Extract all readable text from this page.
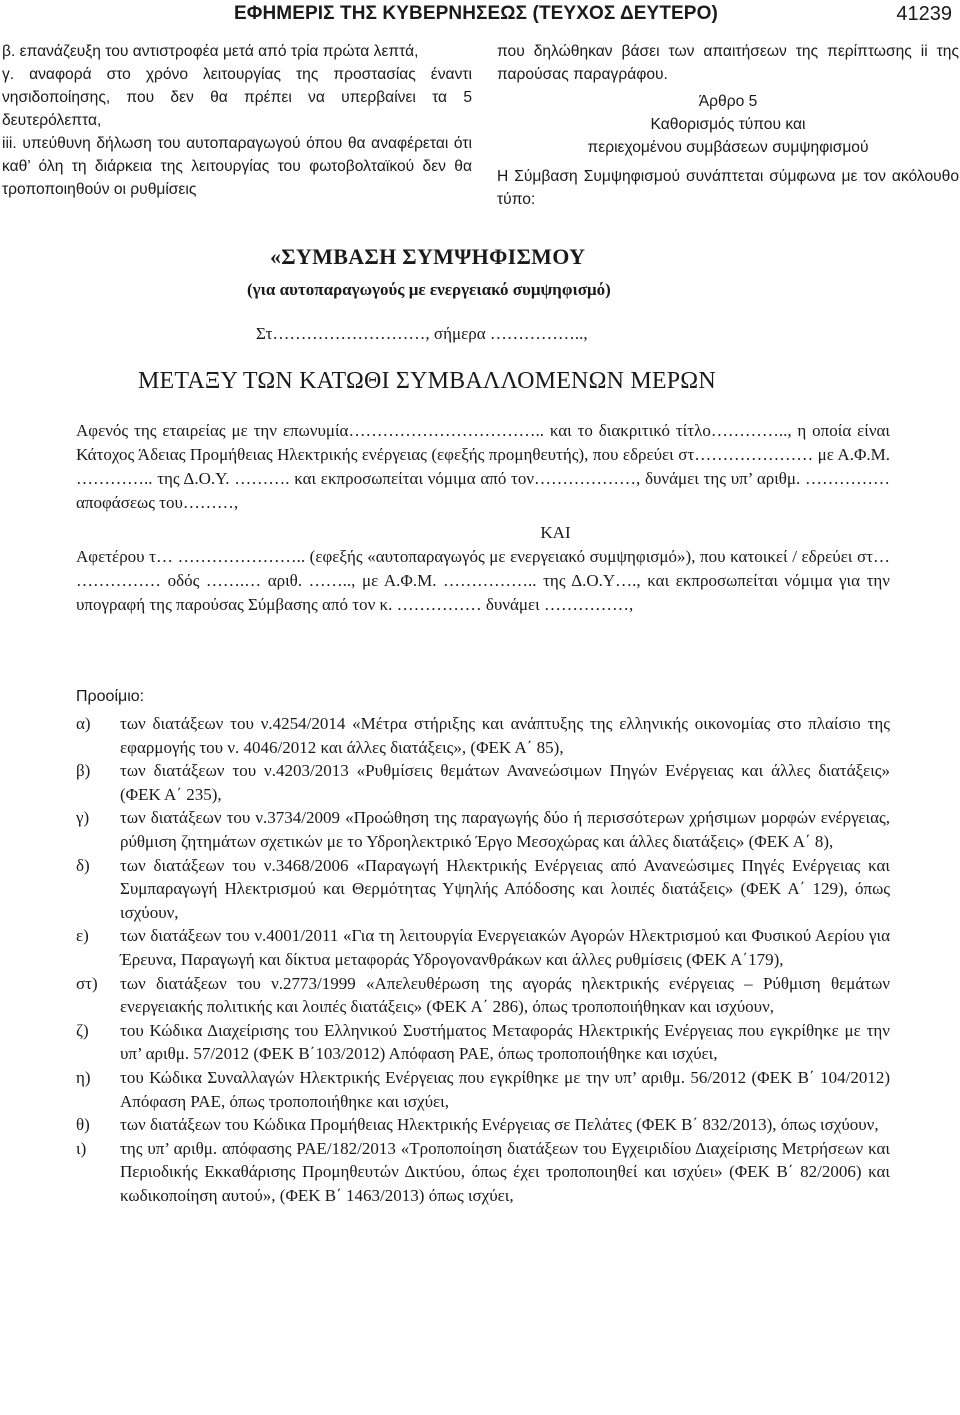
ΕΦΗΜΕΡΙΣ ΤΗΣ ΚΥΒΕΡΝΗΣΕΩΣ (ΤΕΥΧΟΣ ΔΕΥΤΕΡΟ)	41239

β. επανάζευξη του αντιστροφέα μετά από τρία πρώτα λεπτά,

γ. αναφορά στο χρόνο λειτουργίας της προστασίας έναντι νησιδοποίησης, που δεν θα πρέπει να υπερβαίνει τα 5 δευτερόλεπτα,

iii. υπεύθυνη δήλωση του αυτοπαραγωγού όπου θα αναφέρεται ότι καθ’ όλη τη διάρκεια της λειτουργίας του φωτοβολταϊκού δεν θα τροποποιηθούν οι ρυθμίσεις

που δηλώθηκαν βάσει των απαιτήσεων της περίπτωσης ii της παρούσας παραγράφου.

Άρθρο 5

Καθορισμός τύπου και

περιεχομένου συμβάσεων συμψηφισμού

Η Σύμβαση Συμψηφισμού συνάπτεται σύμφωνα με τον ακόλουθο τύπο:

«ΣΥΜΒΑΣΗ ΣΥΜΨΗΦΙΣΜΟΥ
(για αυτοπαραγωγούς με ενεργειακό συμψηφισμό)
Στ………………………, σήμερα ……………..,
ΜΕΤΑΞΥ ΤΩΝ ΚΑΤΩΘΙ ΣΥΜΒΑΛΛΟΜΕΝΩΝ ΜΕΡΩΝ

Αφενός της εταιρείας με την επωνυμία…………………………….. και το διακριτικό τίτλο………….., η οποία είναι Κάτοχος Άδειας Προμήθειας Ηλεκτρικής ενέργειας (εφεξής προμηθευτής), που εδρεύει στ………………… με Α.Φ.Μ. ………….. της Δ.Ο.Υ. ………. και εκπροσωπείται νόμιμα από τον………………, δυνάμει της υπ’ αριθμ. …………… αποφάσεως του………,

ΚΑΙ

Αφετέρου τ… ………………….. (εφεξής «αυτοπαραγωγός με ενεργειακό συμψηφισμό»), που κατοικεί / εδρεύει στ… …………… οδός …….… αριθ. …….., με Α.Φ.Μ. …………….. της Δ.Ο.Υ…., και εκπροσωπείται νόμιμα για την υπογραφή της παρούσας Σύμβασης από τον κ. …………… δυνάμει ……………,

Προοίμιο:
α)	των διατάξεων του ν.4254/2014 «Μέτρα στήριξης και ανάπτυξης της ελληνικής οικονομίας στο πλαίσιο της εφαρμογής του ν. 4046/2012 και άλλες διατάξεις», (ΦΕΚ Α΄ 85),
β)	των διατάξεων του ν.4203/2013 «Ρυθμίσεις θεμάτων Ανανεώσιμων Πηγών Ενέργειας και άλλες διατάξεις» (ΦΕΚ Α΄ 235),
γ)	των διατάξεων του ν.3734/2009 «Προώθηση της παραγωγής δύο ή περισσότερων χρήσιμων μορφών ενέργειας, ρύθμιση ζητημάτων σχετικών με το Υδροηλεκτρικό Έργο Μεσοχώρας και άλλες διατάξεις» (ΦΕΚ Α΄ 8),
δ)	των διατάξεων του ν.3468/2006 «Παραγωγή Ηλεκτρικής Ενέργειας από Ανανεώσιμες Πηγές Ενέργειας και Συμπαραγωγή Ηλεκτρισμού και Θερμότητας Υψηλής Απόδοσης και λοιπές διατάξεις» (ΦΕΚ Α΄ 129), όπως ισχύουν,
ε)	των διατάξεων του ν.4001/2011 «Για τη λειτουργία Ενεργειακών Αγορών Ηλεκτρισμού και Φυσικού Αερίου για Έρευνα, Παραγωγή και δίκτυα μεταφοράς Υδρογονανθράκων και άλλες ρυθμίσεις (ΦΕΚ Α΄179),
στ)	των διατάξεων του ν.2773/1999 «Απελευθέρωση της αγοράς ηλεκτρικής ενέργειας – Ρύθμιση θεμάτων ενεργειακής πολιτικής και λοιπές διατάξεις» (ΦΕΚ Α΄ 286), όπως τροποποιήθηκαν και ισχύουν,
ζ)	του Κώδικα Διαχείρισης του Ελληνικού Συστήματος Μεταφοράς Ηλεκτρικής Ενέργειας που εγκρίθηκε με την υπ’ αριθμ. 57/2012 (ΦΕΚ Β΄103/2012) Απόφαση ΡΑΕ, όπως τροποποιήθηκε και ισχύει,
η)	του Κώδικα Συναλλαγών Ηλεκτρικής Ενέργειας που εγκρίθηκε με την υπ’ αριθμ. 56/2012 (ΦΕΚ Β΄ 104/2012) Απόφαση ΡΑΕ, όπως τροποποιήθηκε και ισχύει,
θ)	των διατάξεων του Κώδικα Προμήθειας Ηλεκτρικής Ενέργειας σε Πελάτες (ΦΕΚ Β΄ 832/2013), όπως ισχύουν,
ι)	της υπ’ αριθμ. απόφασης ΡΑΕ/182/2013 «Τροποποίηση διατάξεων του Εγχειριδίου Διαχείρισης Μετρήσεων και Περιοδικής Εκκαθάρισης Προμηθευτών Δικτύου, όπως έχει τροποποιηθεί και ισχύει» (ΦΕΚ Β΄ 82/2006) και κωδικοποίηση αυτού», (ΦΕΚ Β΄ 1463/2013) όπως ισχύει,
